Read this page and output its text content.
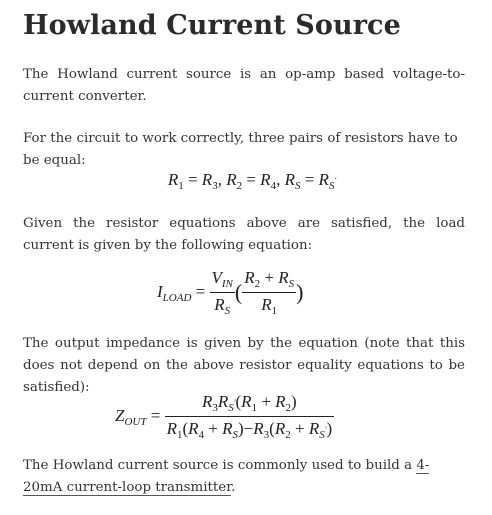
Howland Current Source

The Howland current source is an op-amp based voltage-to-current converter.

For the circuit to work correctly, three pairs of resistors have to be equal:

$R_1 = R_3$, $R_2 = R_4$, $R_S = R_{S'}$

Given the resistor equations above are satisfied, the load current is given by the following equation:

$I_{LOAD} = \frac{V_{IN}}{R_S}$ ( $\frac{R_2 + R_S}{R_1}$ )

The output impedance is given by the equation (note that this does not depend on the above resistor equality equations to be satisfied):

$Z_{OUT} = \frac{R_3R_{S'}(R_1 + R_2)}{R_1(R_4 + R_S)-R_3(R_2 + R_{S'})}$

The Howland current source is commonly used to build a 4-20mA current-loop transmitter.
